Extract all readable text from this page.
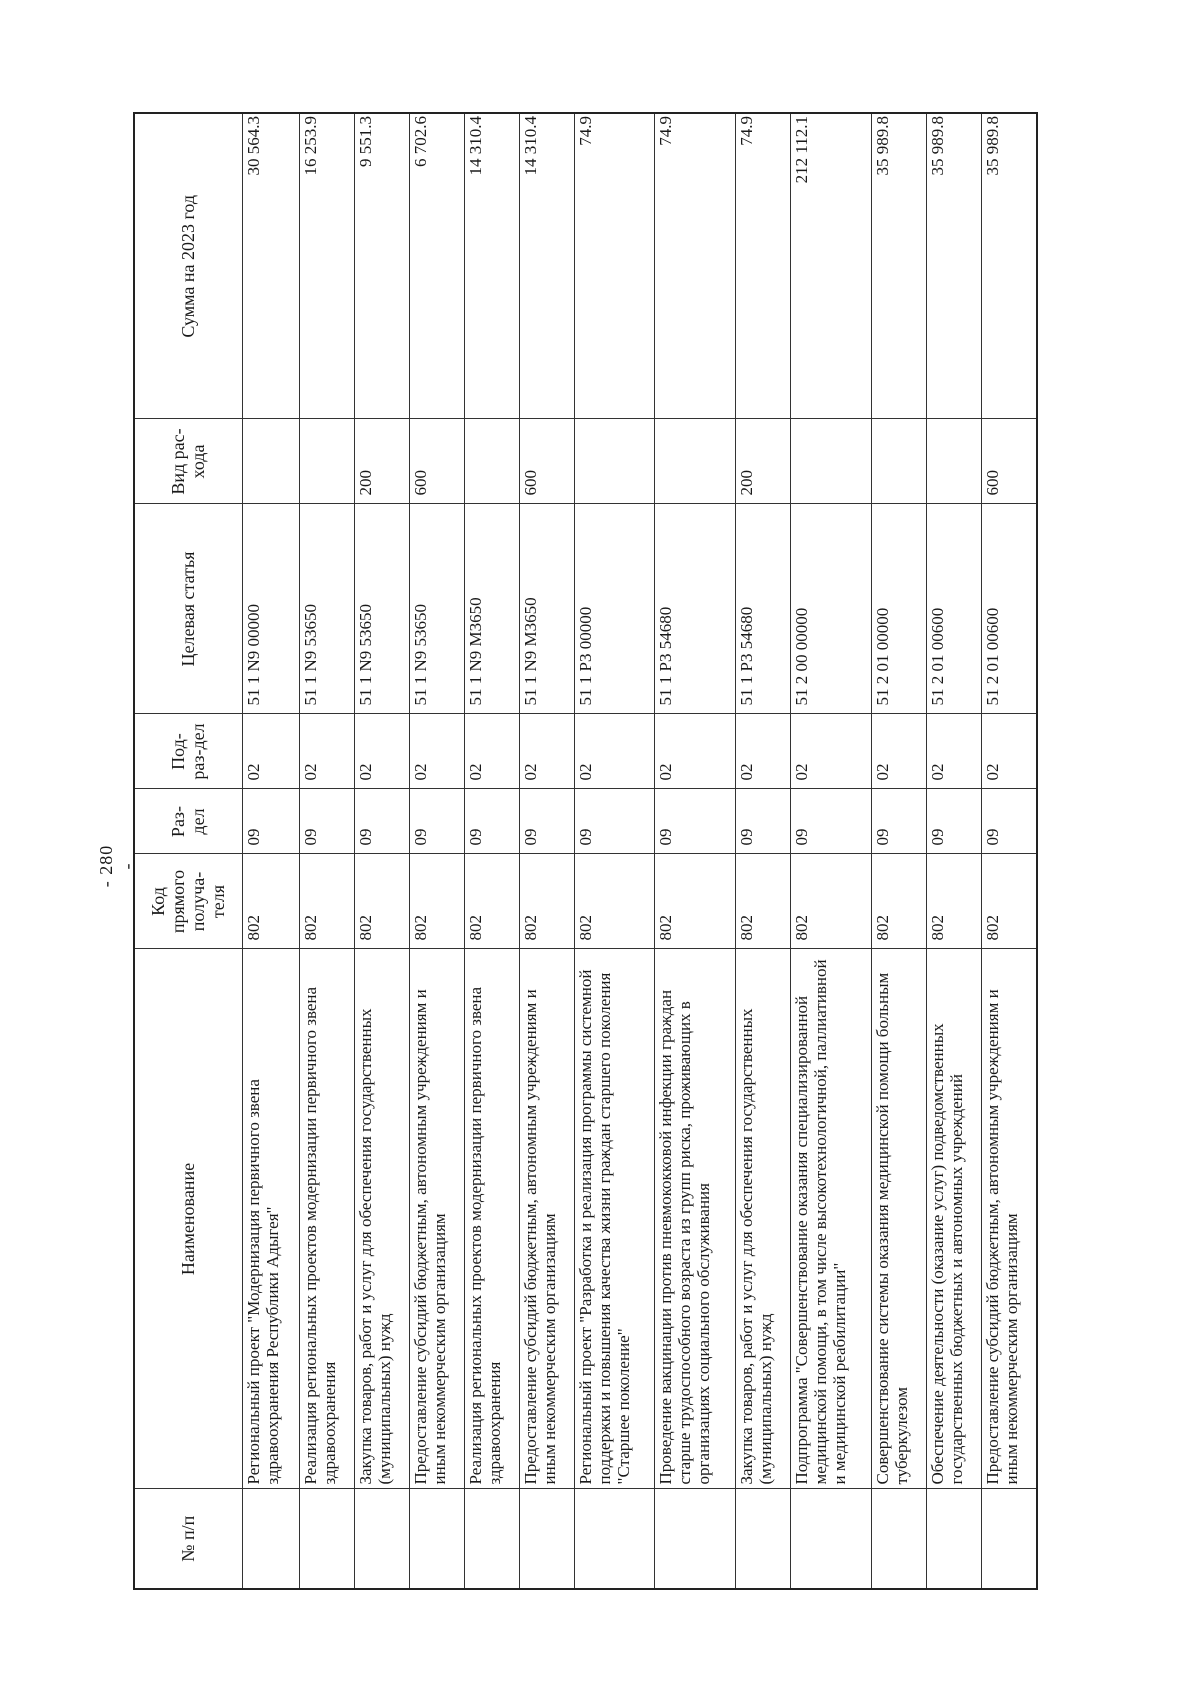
- 280 -
№ п/п	Наименование	Код прямого получа-теля	Раз-дел	Под-раз-дел	Целевая статья	Вид рас-хода	Сумма на 2023 год
	Региональный проект "Модернизация первичного звена здравоохранения Республики Адыгея"	802	09	02	51 1 N9 00000		30 564.3
	Реализация региональных проектов модернизации первичного звена здравоохранения	802	09	02	51 1 N9 53650		16 253.9
	Закупка товаров, работ и услуг для обеспечения государственных (муниципальных) нужд	802	09	02	51 1 N9 53650	200	9 551.3
	Предоставление субсидий бюджетным, автономным учреждениям и иным некоммерческим организациям	802	09	02	51 1 N9 53650	600	6 702.6
	Реализация региональных проектов модернизации первичного звена здравоохранения	802	09	02	51 1 N9 M3650		14 310.4
	Предоставление субсидий бюджетным, автономным учреждениям и иным некоммерческим организациям	802	09	02	51 1 N9 M3650	600	14 310.4
	Региональный проект "Разработка и реализация программы системной поддержки и повышения качества жизни граждан старшего поколения "Старшее поколение"	802	09	02	51 1 P3 00000		74.9
	Проведение вакцинации против пневмококковой инфекции граждан старше трудоспособного возраста из групп риска, проживающих в организациях социального обслуживания	802	09	02	51 1 P3 54680		74.9
	Закупка товаров, работ и услуг для обеспечения государственных (муниципальных) нужд	802	09	02	51 1 P3 54680	200	74.9
	Подпрограмма "Совершенствование оказания специализированной медицинской помощи, в том числе высокотехнологичной, паллиативной и медицинской реабилитации"	802	09	02	51 2 00 00000		212 112.1
	Совершенствование системы оказания медицинской помощи больным туберкулезом	802	09	02	51 2 01 00000		35 989.8
	Обеспечение деятельности (оказание услуг) подведомственных государственных бюджетных и автономных учреждений	802	09	02	51 2 01 00600		35 989.8
	Предоставление субсидий бюджетным, автономным учреждениям и иным некоммерческим организациям	802	09	02	51 2 01 00600	600	35 989.8
